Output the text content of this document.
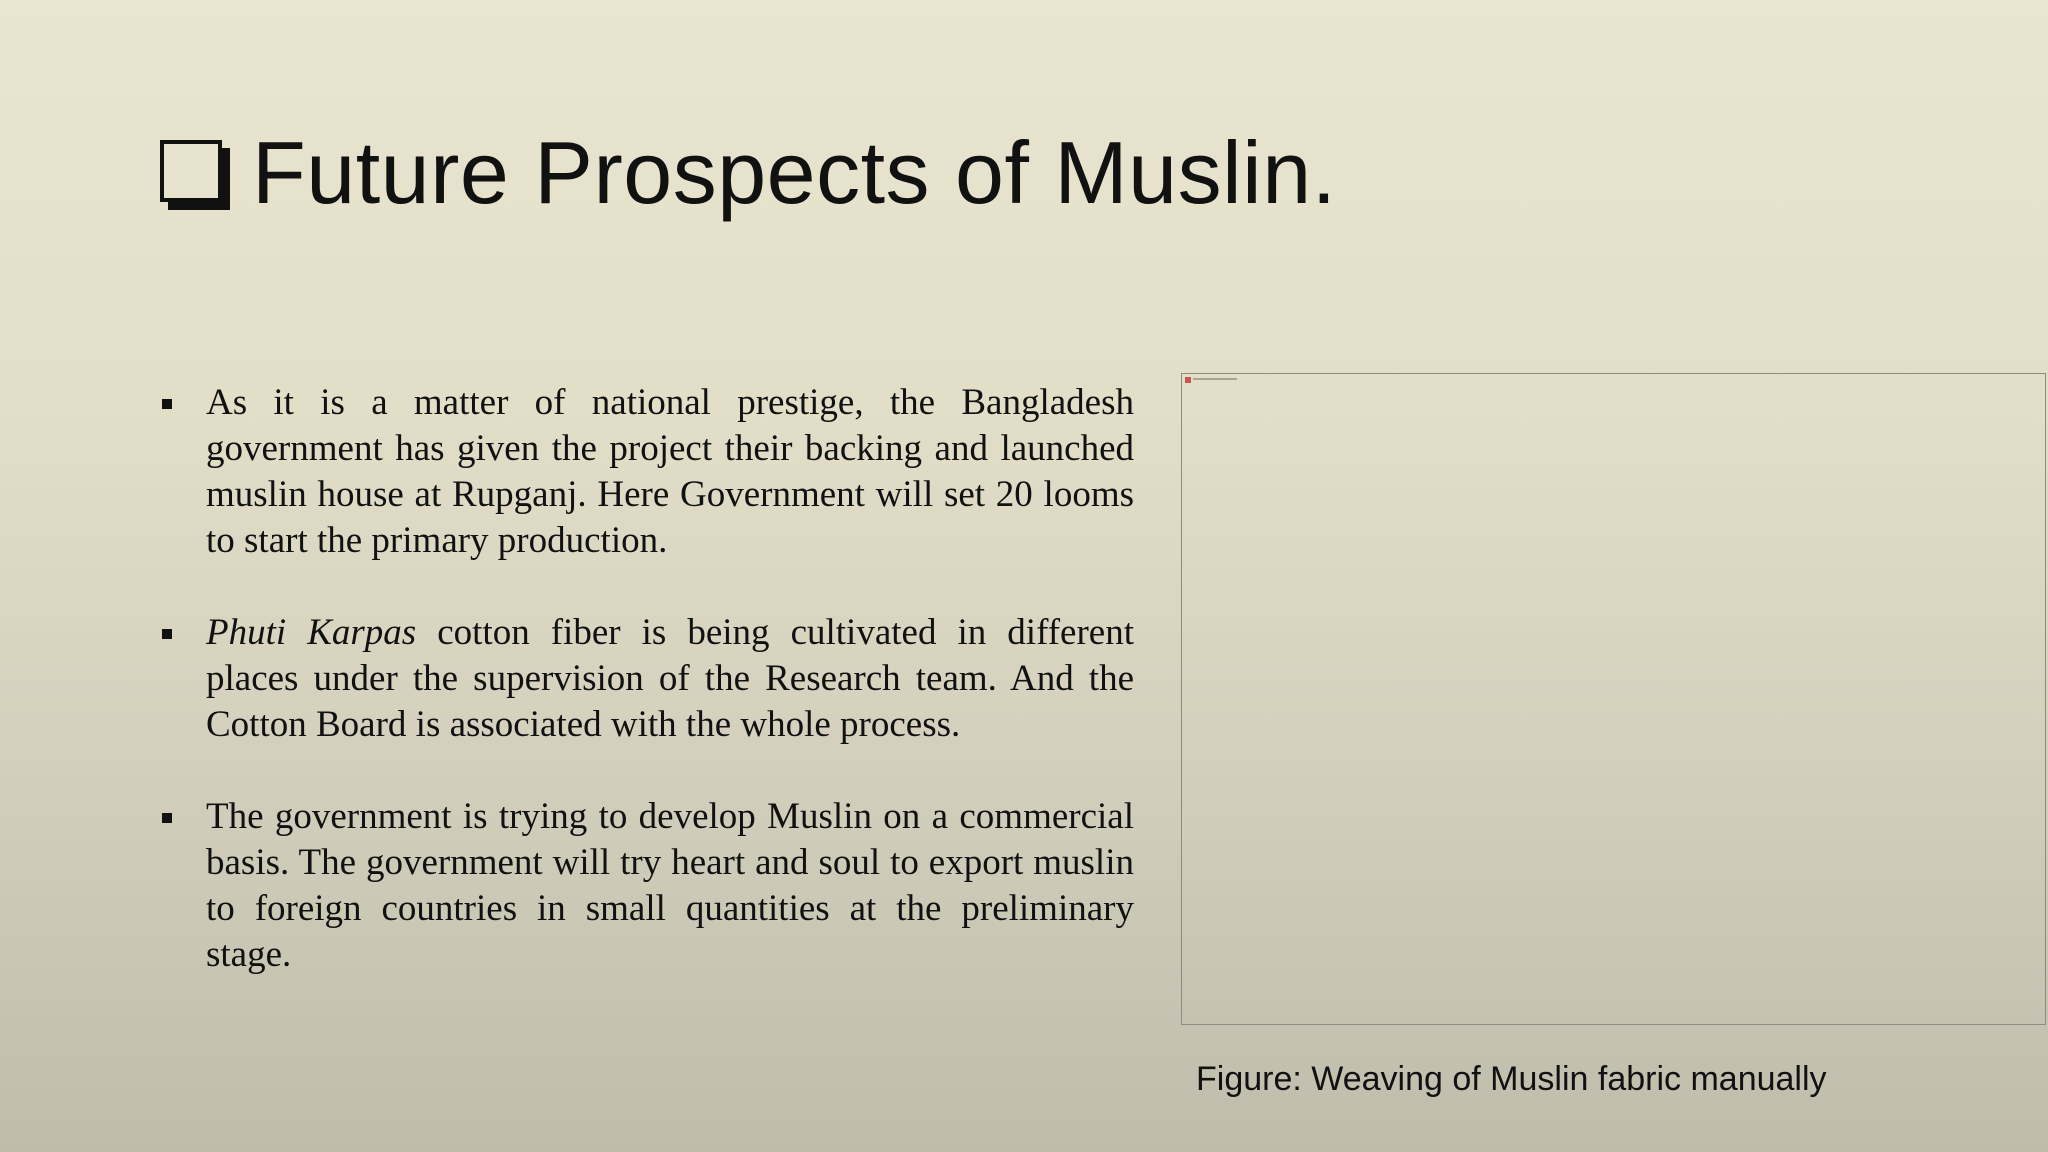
Future Prospects of Muslin.
As it is a matter of national prestige, the Bangladesh government has given the project their backing and launched muslin house at Rupganj. Here Government will set 20 looms to start the primary production.
Phuti Karpas cotton fiber is being cultivated in different places under the supervision of the Research team. And the Cotton Board is associated with the whole process.
The government is trying to develop Muslin on a commercial basis. The government will try heart and soul to export muslin to foreign countries in small quantities at the preliminary stage.
Figure: Weaving of Muslin fabric manually
